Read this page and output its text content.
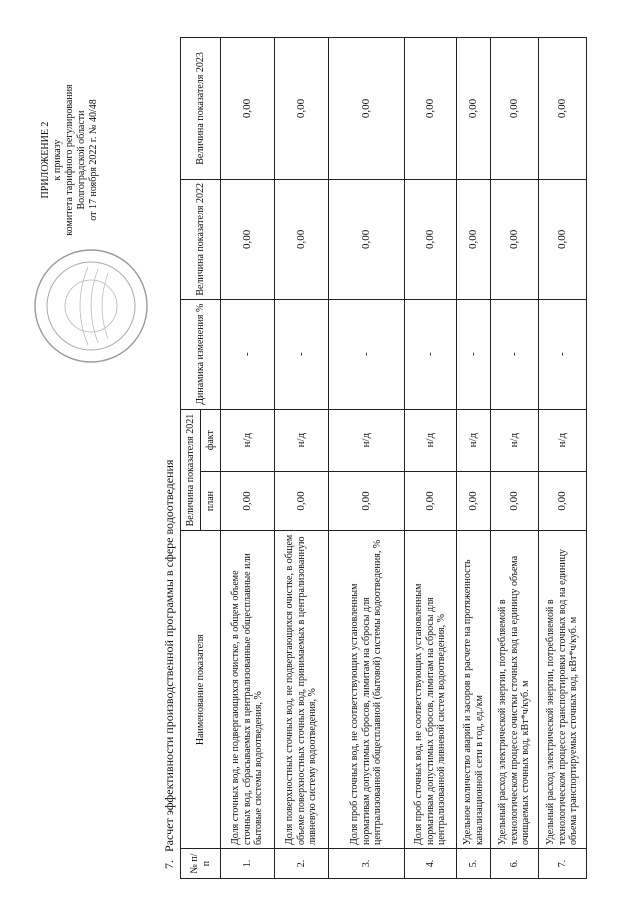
ПРИЛОЖЕНИЕ 2 к приказу комитета тарифного регулирования Волгоградской области от 17 ноября 2022 г. № 40/48
7.Расчет эффективности производственной программы в сфере водоотведения
№ п/п	Наименование показателя	Величина показателя 2021		Динамика изменения %	Величина показателя 2022	Величина показателя 2023
		план	факт			
1.	Доля сточных вод, не подвергающихся очистке, в общем объеме сточных вод, сбрасываемых в централизованные общесплавные или бытовые системы водоотведения, %	0,00	н/д	-	0,00	0,00
2.	Доля поверхностных сточных вод, не подвергающихся очистке, в общем объеме поверхностных сточных вод, принимаемых в централизованную ливневую систему водоотведения, %	0,00	н/д	-	0,00	0,00
3.	Доля проб сточных вод, не соответствующих установленным нормативам допустимых сбросов, лимитам на сбросы для централизованной общесплавной (бытовой) системы водоотведения, %	0,00	н/д	-	0,00	0,00
4.	Доля проб сточных вод, не соответствующих установленным нормативам допустимых сбросов, лимитам на сбросы для централизованной ливневой систем водоотведения, %	0,00	н/д	-	0,00	0,00
5.	Удельное количество аварий и засоров в расчете на протяженность канализационной сети в год, ед./км	0,00	н/д	-	0,00	0,00
6.	Удельный расход электрической энергии, потребляемой в технологическом процессе очистки сточных вод на единицу объема очищаемых сточных вод, кВт*ч/куб. м	0,00	н/д	-	0,00	0,00
7.	Удельный расход электрической энергии, потребляемой в технологическом процессе транспортировки сточных вод на единицу объема транспортируемых сточных вод, кВт*ч/куб. м	0,00	н/д	-	0,00	0,00
